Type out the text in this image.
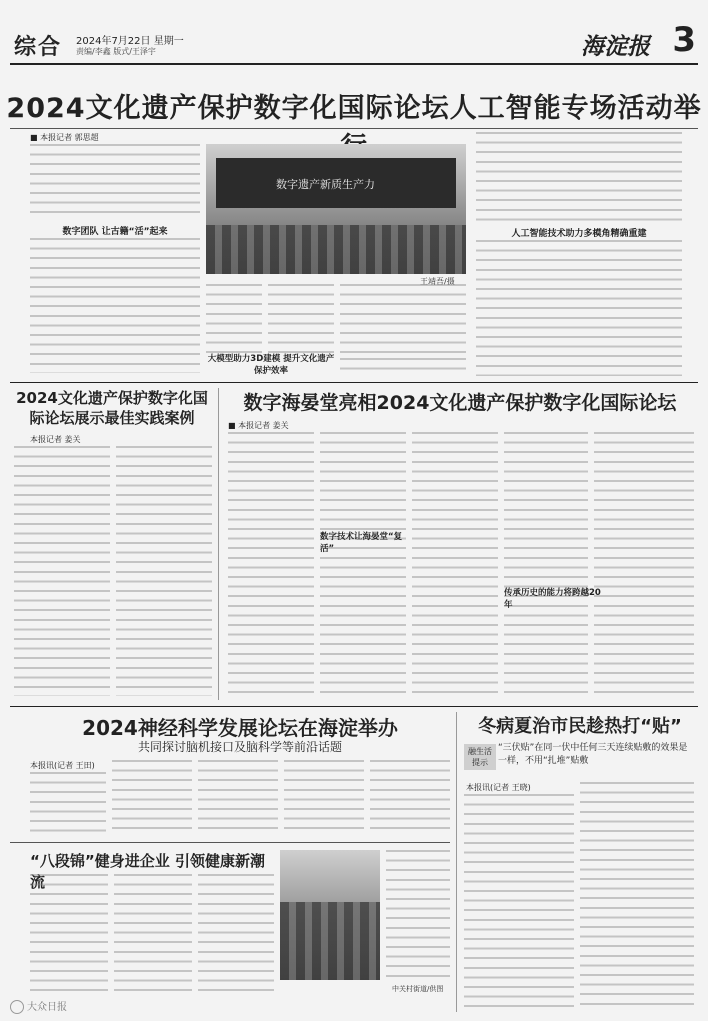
综合 2024年7月22日 星期一
责编/李鑫 版式/王泽宇	海淀报 3
2024文化遗产保护数字化国际论坛人工智能专场活动举
■ 本报记者 郭思超
数字团队 让古籍“活”起来
数字遗产新质生产力
王靖吾/摄
大模型助力3D建模 提升文化遗产保护效率
人工智能技术助力多模角精确重建
2024文化遗产保护数字化国际论坛展示最佳实践案例
本报记者 姜关
数字海晏堂亮相2024文化遗产保护数字化国际论坛
■ 本报记者 姜关
数字技术让海晏堂“复活”
传承历史的能力将跨越20年
2024神经科学发展论坛在海淀举办
共同探讨脑机接口及脑科学等前沿话题
本报讯(记者 王田)
冬病夏治市民趁热打“贴”
融生活 提示
“三伏贴”在同一伏中任何三天连续贴敷的效果是一样，不用“扎堆”贴敷
本报讯(记者 王晓)
“八段锦”健身进企业 引领健康新潮流
中关村街道/供图
大众日报
